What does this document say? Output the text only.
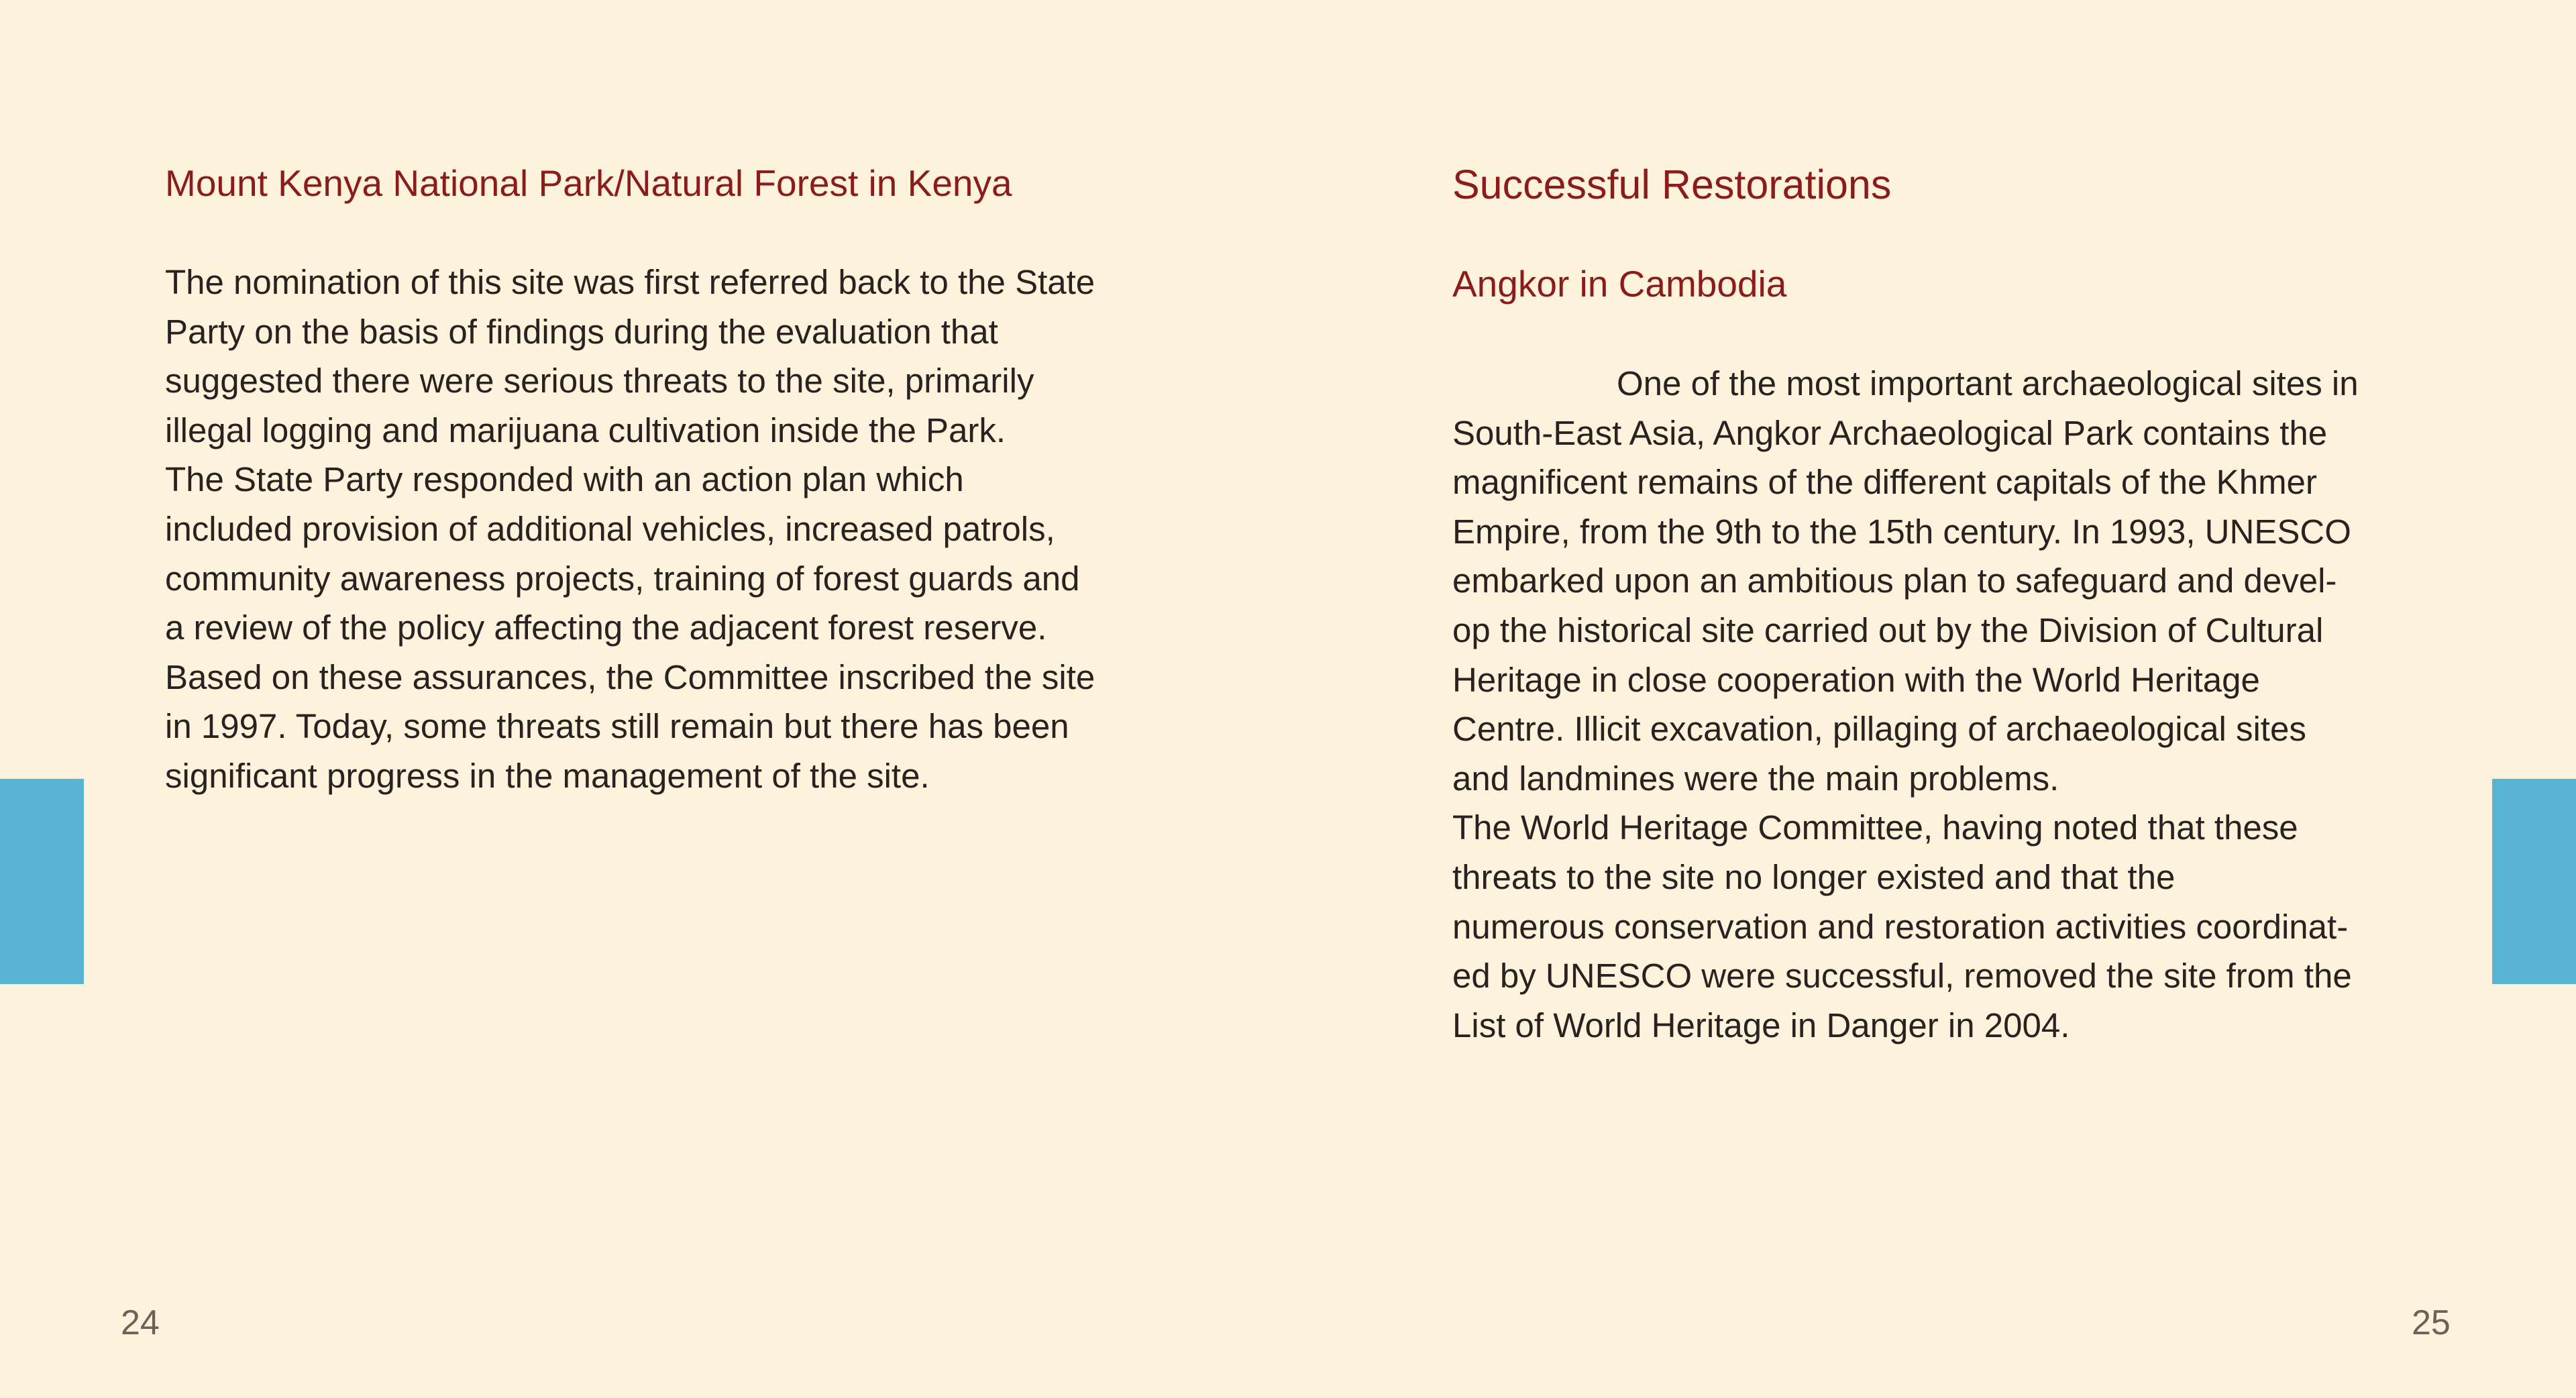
Mount Kenya National Park/Natural Forest in Kenya

The nomination of this site was first referred back to the State
Party on the basis of findings during the evaluation that
suggested there were serious threats to the site, primarily
illegal logging and marijuana cultivation inside the Park.
The State Party responded with an action plan which
included provision of additional vehicles, increased patrols,
community awareness projects, training of forest guards and
a review of the policy affecting the adjacent forest reserve.
Based on these assurances, the Committee inscribed the site
in 1997. Today, some threats still remain but there has been
significant progress in the management of the site.

24
Successful Restorations
Angkor in Cambodia

One of the most important archaeological sites in
South-East Asia, Angkor Archaeological Park contains the
magnificent remains of the different capitals of the Khmer
Empire, from the 9th to the 15th century. In 1993, UNESCO
embarked upon an ambitious plan to safeguard and devel-
op the historical site carried out by the Division of Cultural
Heritage in close cooperation with the World Heritage
Centre. Illicit excavation, pillaging of archaeological sites
and landmines were the main problems.
The World Heritage Committee, having noted that these
threats to the site no longer existed and that the
numerous conservation and restoration activities coordinat-
ed by UNESCO were successful, removed the site from the
List of World Heritage in Danger in 2004.

25
